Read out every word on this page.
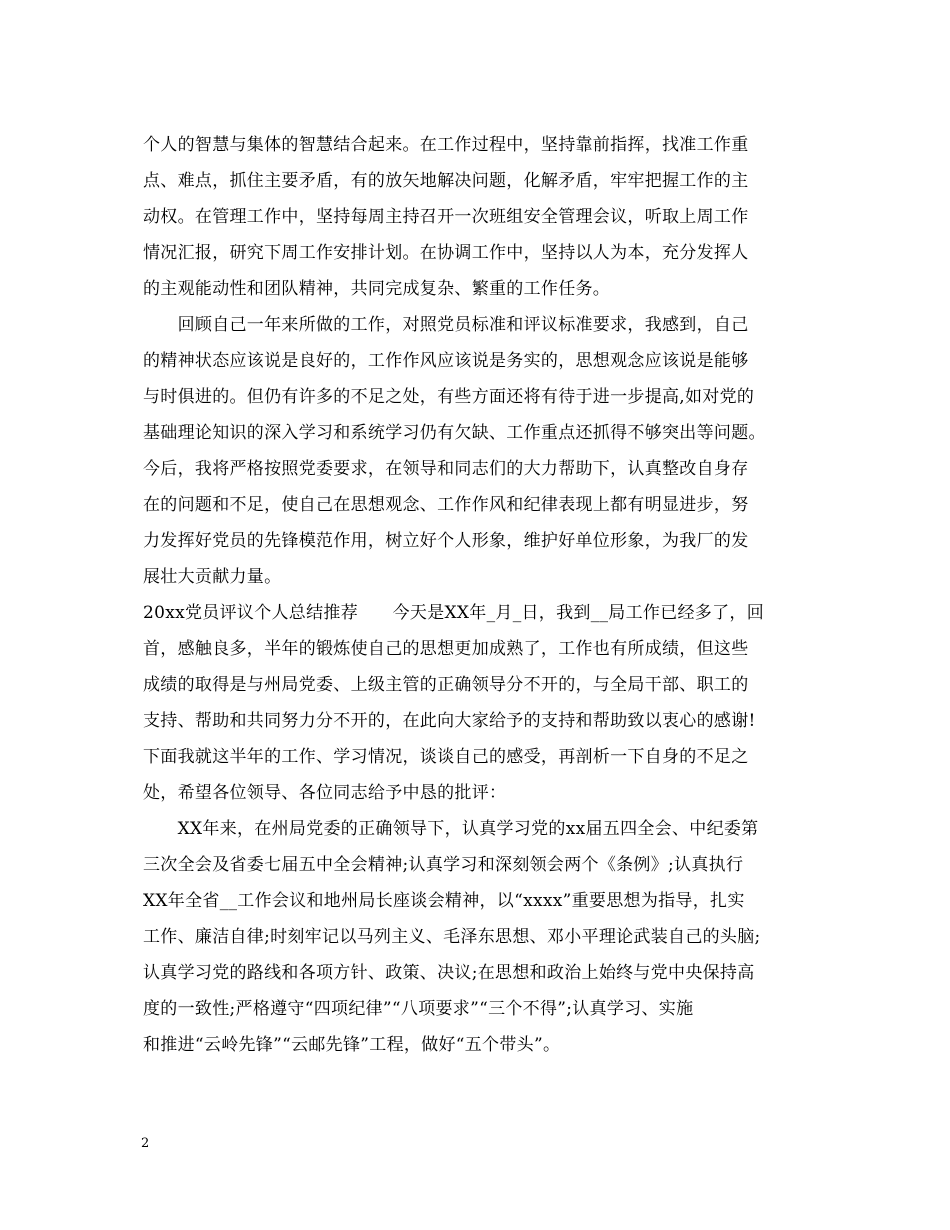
个人的智慧与集体的智慧结合起来。在工作过程中，坚持靠前指挥，找准工作重
点、难点，抓住主要矛盾，有的放矢地解决问题，化解矛盾，牢牢把握工作的主
动权。在管理工作中，坚持每周主持召开一次班组安全管理会议，听取上周工作
情况汇报，研究下周工作安排计划。在协调工作中，坚持以人为本，充分发挥人
的主观能动性和团队精神，共同完成复杂、繁重的工作任务。
　　回顾自己一年来所做的工作，对照党员标准和评议标准要求，我感到，自己
的精神状态应该说是良好的，工作作风应该说是务实的，思想观念应该说是能够
与时俱进的。但仍有许多的不足之处，有些方面还将有待于进一步提高,如对党的
基础理论知识的深入学习和系统学习仍有欠缺、工作重点还抓得不够突出等问题。
今后，我将严格按照党委要求，在领导和同志们的大力帮助下，认真整改自身存
在的问题和不足，使自己在思想观念、工作作风和纪律表现上都有明显进步，努
力发挥好党员的先锋模范作用，树立好个人形象，维护好单位形象，为我厂的发
展壮大贡献力量。
20xx党员评议个人总结推荐　　今天是XX年_月_日，我到__局工作已经多了，回
首，感触良多，半年的锻炼使自己的思想更加成熟了，工作也有所成绩，但这些
成绩的取得是与州局党委、上级主管的正确领导分不开的，与全局干部、职工的
支持、帮助和共同努力分不开的，在此向大家给予的支持和帮助致以衷心的感谢!
下面我就这半年的工作、学习情况，谈谈自己的感受，再剖析一下自身的不足之
处，希望各位领导、各位同志给予中恳的批评：
　　XX年来，在州局党委的正确领导下，认真学习党的xx届五四全会、中纪委第
三次全会及省委七届五中全会精神;认真学习和深刻领会两个《条例》;认真执行
XX年全省__工作会议和地州局长座谈会精神，以“xxxx”重要思想为指导，扎实
工作、廉洁自律;时刻牢记以马列主义、毛泽东思想、邓小平理论武装自己的头脑;
认真学习党的路线和各项方针、政策、决议;在思想和政治上始终与党中央保持高
度的一致性;严格遵守“四项纪律”“八项要求”“三个不得”;认真学习、实施
和推进“云岭先锋”“云邮先锋”工程，做好“五个带头”。
2
